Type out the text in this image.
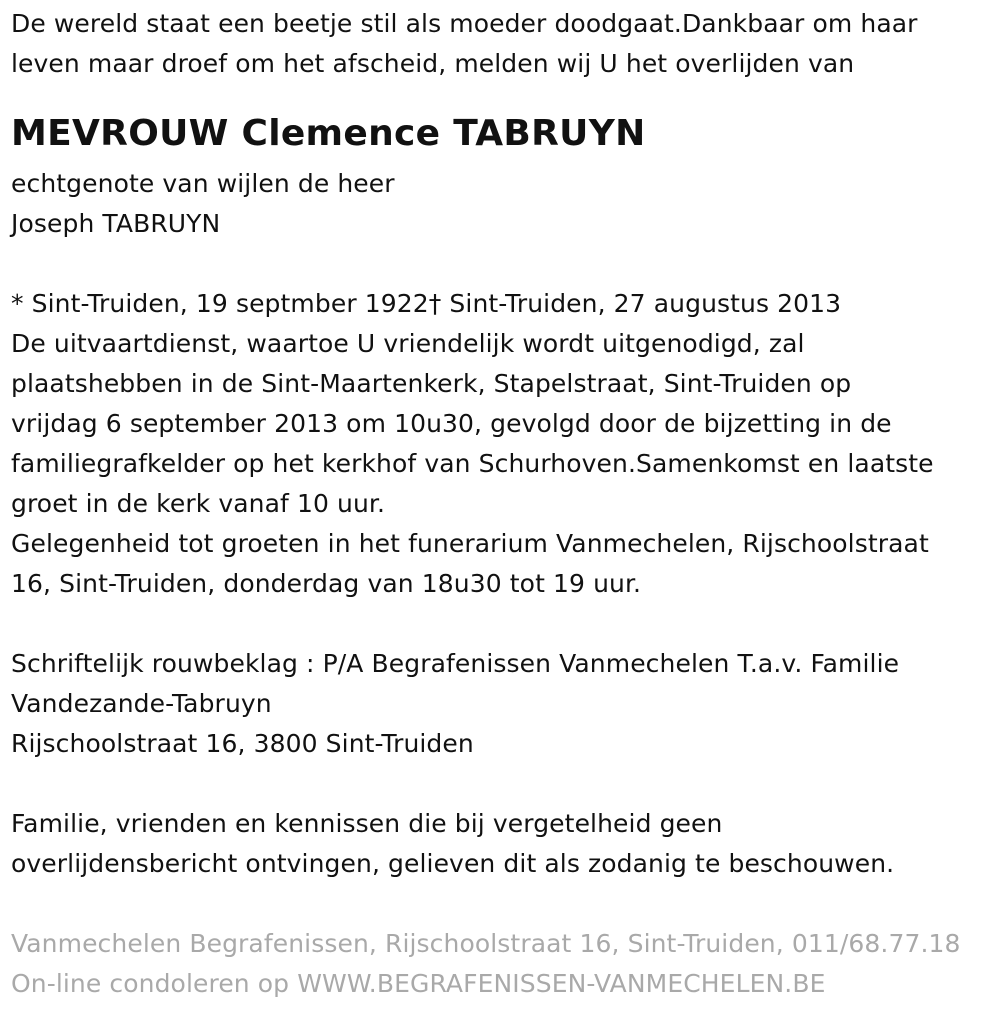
De wereld staat een beetje stil als moeder doodgaat.Dankbaar om haar
leven maar droef om het afscheid, melden wij U het overlijden van
MEVROUW Clemence TABRUYN
echtgenote van wijlen de heer
Joseph TABRUYN
* Sint-Truiden, 19 septmber 1922† Sint-Truiden, 27 augustus 2013
De uitvaartdienst, waartoe U vriendelijk wordt uitgenodigd, zal
plaatshebben in de Sint-Maartenkerk, Stapelstraat, Sint-Truiden op
vrijdag 6 september 2013 om 10u30, gevolgd door de bijzetting in de
familiegrafkelder op het kerkhof van Schurhoven.Samenkomst en laatste
groet in de kerk vanaf 10 uur.
Gelegenheid tot groeten in het funerarium Vanmechelen, Rijschoolstraat
16, Sint-Truiden, donderdag van 18u30 tot 19 uur.
Schriftelijk rouwbeklag : P/A Begrafenissen Vanmechelen T.a.v. Familie
Vandezande-Tabruyn
Rijschoolstraat 16, 3800 Sint-Truiden
Familie, vrienden en kennissen die bij vergetelheid geen
overlijdensbericht ontvingen, gelieven dit als zodanig te beschouwen.
Vanmechelen Begrafenissen, Rijschoolstraat 16, Sint-Truiden, 011/68.77.18
On-line condoleren op WWW.BEGRAFENISSEN-VANMECHELEN.BE
